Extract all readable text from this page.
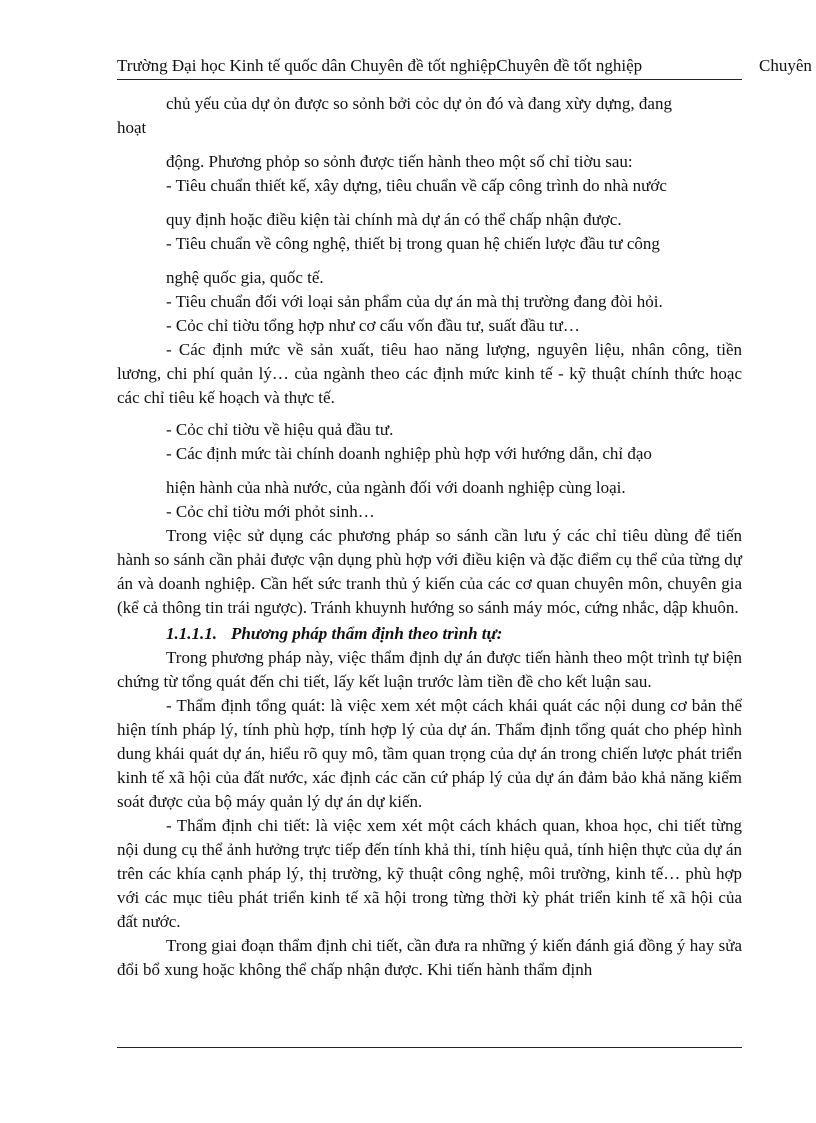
Trường Đại học Kinh tế quốc dân Chuyên đề tốt nghiệpChuyên đề tốt nghiệp	Chuyên

chủ yếu của dự ỏn được so sỏnh bởi cỏc dự ỏn đó và đang xừy dựng, đang

hoạt

động. Phương phỏp so sỏnh được tiến hành theo một số chỉ tiờu sau:

- Tiêu chuẩn thiết kế, xây dựng, tiêu chuẩn về cấp công trình do nhà nước

quy định hoặc điều kiện tài chính mà dự án có thể chấp nhận được.

- Tiêu chuẩn về công nghệ, thiết bị trong quan hệ chiến lược đầu tư công

nghệ quốc gia, quốc tế.

- Tiêu chuẩn đối với loại sản phẩm của dự án mà thị trường đang đòi hỏi.

- Cỏc chỉ tiờu tổng hợp như cơ cấu vốn đầu tư, suất đầu tư…

- Các định mức về sản xuất, tiêu hao năng lượng, nguyên liệu, nhân công, tiền lương, chi phí quản lý… của ngành theo các định mức kinh tế - kỹ thuật chính thức hoạc các chỉ tiêu kế hoạch và thực tế.

- Cỏc chỉ tiờu về hiệu quả đầu tư.

- Các định mức tài chính doanh nghiệp phù hợp với hướng dẫn, chỉ đạo

hiện hành của nhà nước, của ngành đối với doanh nghiệp cùng loại.

- Cỏc chỉ tiờu mới phỏt sinh…

Trong việc sử dụng các phương pháp so sánh cần lưu ý các chỉ tiêu dùng để tiến hành so sánh cần phải được vận dụng phù hợp với điều kiện và đặc điểm cụ thể của từng dự án và doanh nghiệp. Cần hết sức tranh thủ ý kiến của các cơ quan chuyên môn, chuyên gia (kể cả thông tin trái ngược). Tránh khuynh hướng so sánh máy móc, cứng nhắc, dập khuôn.

1.1.1.1. Phương pháp thẩm định theo trình tự:

Trong phương pháp này, việc thẩm định dự án được tiến hành theo một trình tự biện chứng từ tổng quát đến chi tiết, lấy kết luận trước làm tiền đề cho kết luận sau.

- Thẩm định tổng quát: là việc xem xét một cách khái quát các nội dung cơ bản thể hiện tính pháp lý, tính phù hợp, tính hợp lý của dự án. Thẩm định tổng quát cho phép hình dung khái quát dự án, hiểu rõ quy mô, tầm quan trọng của dự án trong chiến lược phát triển kinh tế xã hội của đất nước, xác định các căn cứ pháp lý của dự án đảm bảo khả năng kiểm soát được của bộ máy quản lý dự án dự kiến.

- Thẩm định chi tiết: là việc xem xét một cách khách quan, khoa học, chi tiết từng nội dung cụ thể ảnh hưởng trực tiếp đến tính khả thi, tính hiệu quả, tính hiện thực của dự án trên các khía cạnh pháp lý, thị trường, kỹ thuật công nghệ, môi trường, kinh tế… phù hợp với các mục tiêu phát triển kinh tế xã hội trong từng thời kỳ phát triển kinh tế xã hội của đất nước.

Trong giai đoạn thẩm định chi tiết, cần đưa ra những ý kiến đánh giá đồng ý hay sửa đổi bổ xung hoặc không thể chấp nhận được. Khi tiến hành thẩm định
